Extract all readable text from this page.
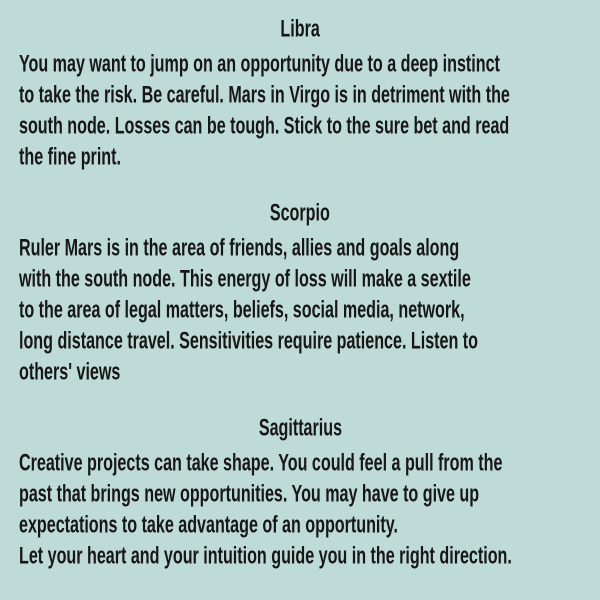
Libra
You may want to jump on an opportunity due to a deep instinct
to take the risk. Be careful. Mars in Virgo is in detriment with the
south node. Losses can be tough. Stick to the sure bet and read
the fine print.
Scorpio
Ruler Mars is in the area of friends, allies and goals along
with the south node. This energy of loss will make a sextile
to the area of legal matters, beliefs, social media, network,
long distance travel. Sensitivities require patience. Listen to
others' views
Sagittarius
Creative projects can take shape. You could feel a pull from the
past that brings new opportunities. You may have to give up
expectations to take advantage of an opportunity.
Let your heart and your intuition guide you in the right direction.
